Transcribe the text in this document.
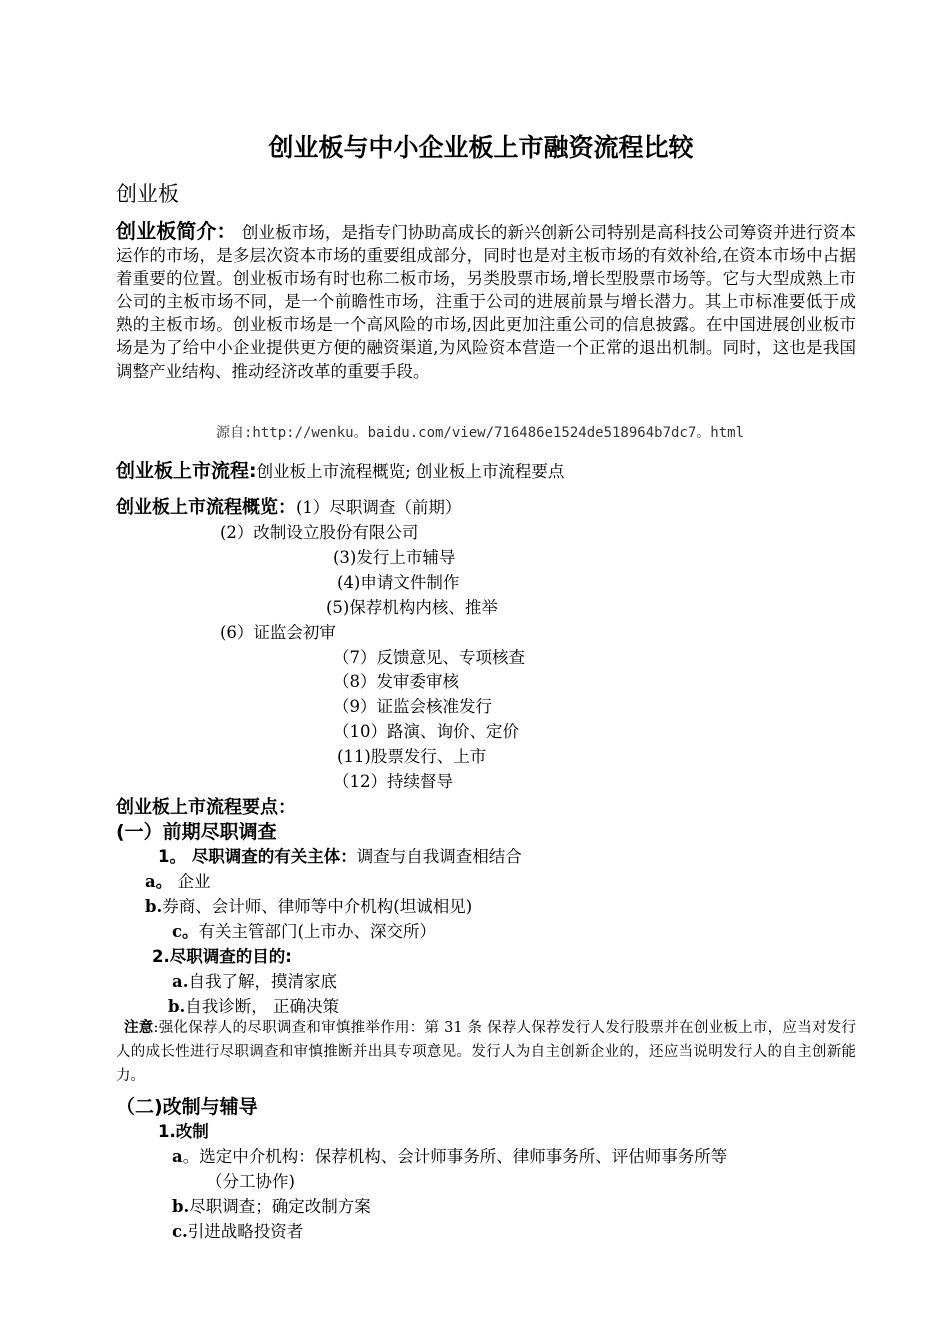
创业板与中小企业板上市融资流程比较
创业板
创业板简介： 创业板市场，是指专门协助高成长的新兴创新公司特别是高科技公司筹资并进行资本运作的市场，是多层次资本市场的重要组成部分，同时也是对主板市场的有效补给,在资本市场中占据着重要的位置。创业板市场有时也称二板市场，另类股票市场,增长型股票市场等。它与大型成熟上市公司的主板市场不同，是一个前瞻性市场，注重于公司的进展前景与增长潜力。其上市标准要低于成熟的主板市场。创业板市场是一个高风险的市场,因此更加注重公司的信息披露。在中国进展创业板市场是为了给中小企业提供更方便的融资渠道,为风险资本营造一个正常的退出机制。同时，这也是我国调整产业结构、推动经济改革的重要手段。
源自:http://wenku。baidu.com/view/716486e1524de518964b7dc7。html
创业板上市流程:创业板上市流程概览; 创业板上市流程要点
创业板上市流程概览：(1）尽职调查（前期）
(2）改制设立股份有限公司
(3)发行上市辅导
(4)申请文件制作
(5)保荐机构内核、推举
(6）证监会初审
（7）反馈意见、专项核查
（8）发审委审核
（9）证监会核准发行
（10）路演、询价、定价
(11)股票发行、上市
（12）持续督导
创业板上市流程要点：
(一）前期尽职调查
1。 尽职调查的有关主体：调查与自我调查相结合
a。 企业
b.券商、会计师、律师等中介机构(坦诚相见)
c。有关主管部门(上市办、深交所）
2.尽职调查的目的:
a.自我了解，摸清家底
b.自我诊断， 正确决策
注意:强化保荐人的尽职调查和审慎推举作用：第 31 条 保荐人保荐发行人发行股票并在创业板上市，应当对发行人的成长性进行尽职调查和审慎推断并出具专项意见。发行人为自主创新企业的，还应当说明发行人的自主创新能力。
（二)改制与辅导
1.改制
a。选定中介机构：保荐机构、会计师事务所、律师事务所、评估师事务所等
（分工协作)
b.尽职调查；确定改制方案
c.引进战略投资者
